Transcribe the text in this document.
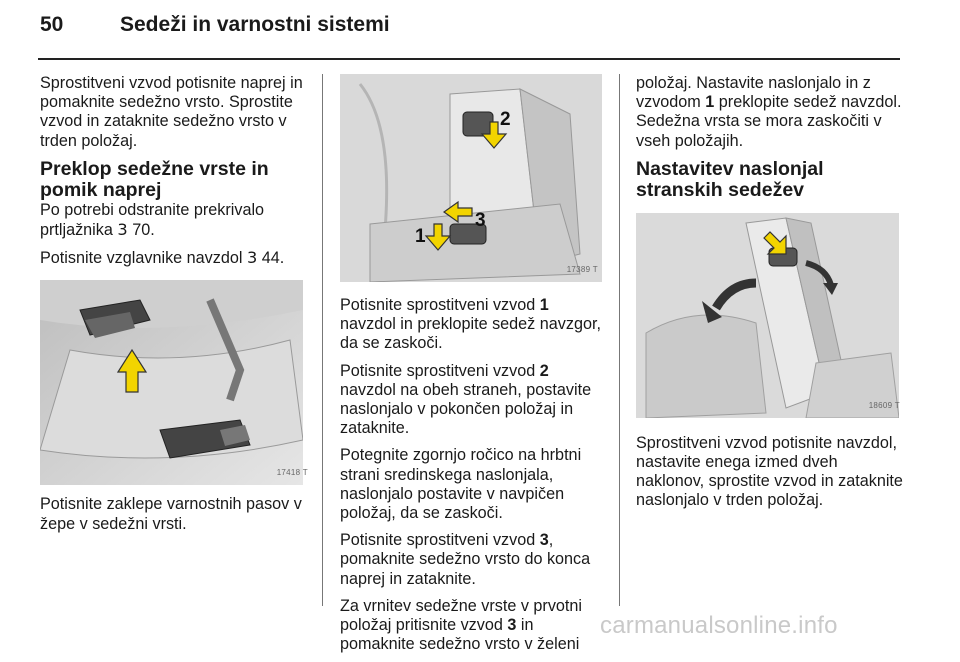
50	Sedeži in varnostni sistemi

Sprostitveni vzvod potisnite naprej in pomaknite sedežno vrsto. Sprostite vzvod in zataknite sedežno vrsto v trden položaj.

Preklop sedežne vrste in pomik naprej

Po potrebi odstranite prekrivalo prtljažnika 3 70.

Potisnite vzglavnike navzdol 3 44.

17418 T

Potisnite zaklepe varnostnih pasov v žepe v sedežni vrsti.

2
1
3
17389 T

Potisnite sprostitveni vzvod 1 navzdol in preklopite sedež navzgor, da se zaskoči.

Potisnite sprostitveni vzvod 2 navzdol na obeh straneh, postavite naslonjalo v pokončen položaj in zataknite.

Potegnite zgornjo ročico na hrbtni strani sredinskega naslonjala, naslonjalo postavite v navpičen položaj, da se zaskoči.

Potisnite sprostitveni vzvod 3, pomaknite sedežno vrsto do konca naprej in zataknite.

Za vrnitev sedežne vrste v prvotni položaj pritisnite vzvod 3 in pomaknite sedežno vrsto v želeni

položaj. Nastavite naslonjalo in z vzvodom 1 preklopite sedež navzdol. Sedežna vrsta se mora zaskočiti v vseh položajih.

Nastavitev naslonjal stranskih sedežev
18609 T

Sprostitveni vzvod potisnite navzdol, nastavite enega izmed dveh naklonov, sprostite vzvod in zataknite naslonjalo v trden položaj.

carmanualsonline.info
